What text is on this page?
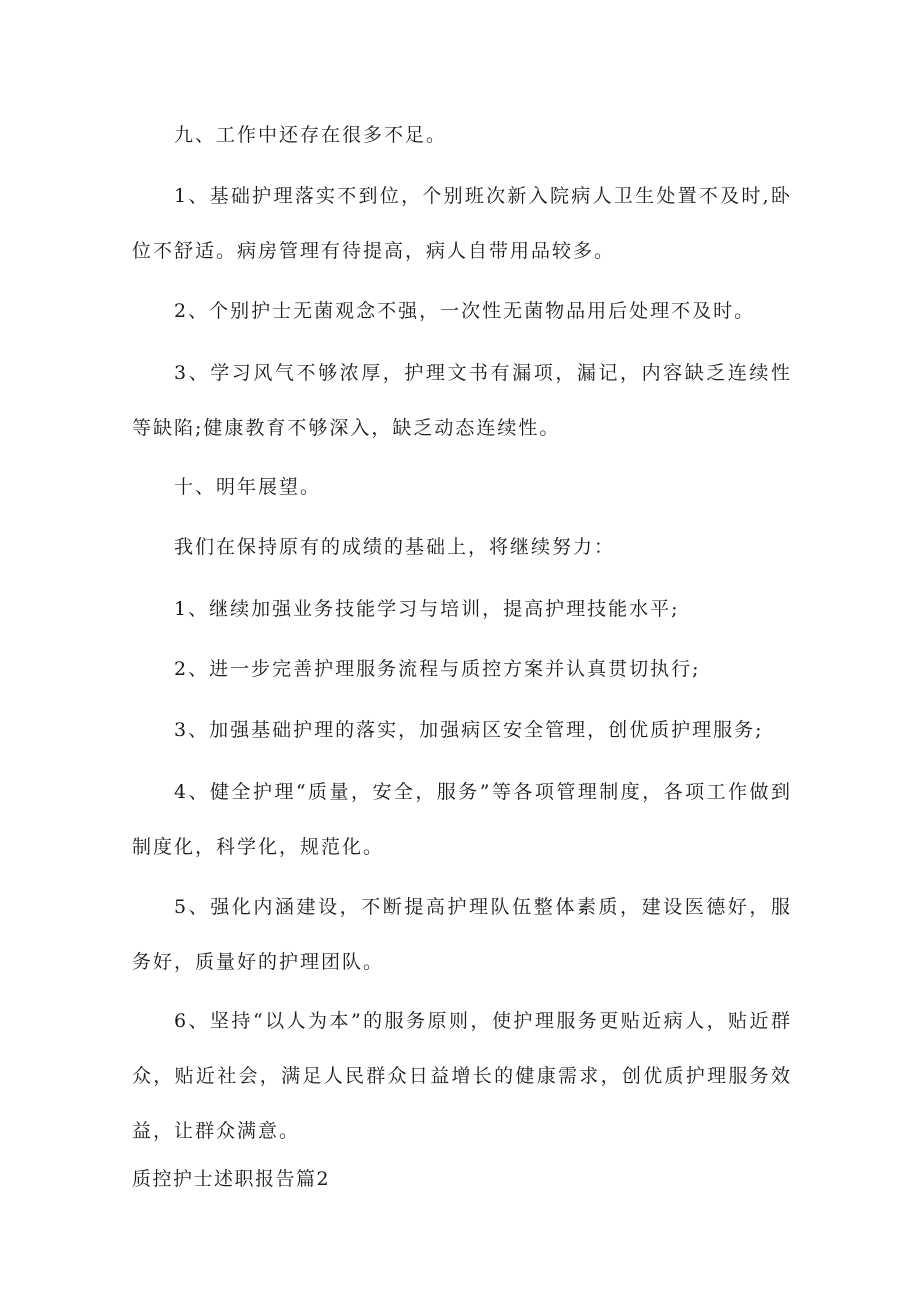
九、工作中还存在很多不足。

1、基础护理落实不到位，个别班次新入院病人卫生处置不及时,卧位不舒适。病房管理有待提高，病人自带用品较多。

2、个别护士无菌观念不强，一次性无菌物品用后处理不及时。

3、学习风气不够浓厚，护理文书有漏项，漏记，内容缺乏连续性等缺陷;健康教育不够深入，缺乏动态连续性。

十、明年展望。

我们在保持原有的成绩的基础上，将继续努力：

1、继续加强业务技能学习与培训，提高护理技能水平;

2、进一步完善护理服务流程与质控方案并认真贯切执行;

3、加强基础护理的落实，加强病区安全管理，创优质护理服务;

4、健全护理“质量，安全，服务”等各项管理制度，各项工作做到制度化，科学化，规范化。

5、强化内涵建设，不断提高护理队伍整体素质，建设医德好，服务好，质量好的护理团队。

6、坚持“以人为本”的服务原则，使护理服务更贴近病人，贴近群众，贴近社会，满足人民群众日益增长的健康需求，创优质护理服务效益，让群众满意。

质控护士述职报告篇2
